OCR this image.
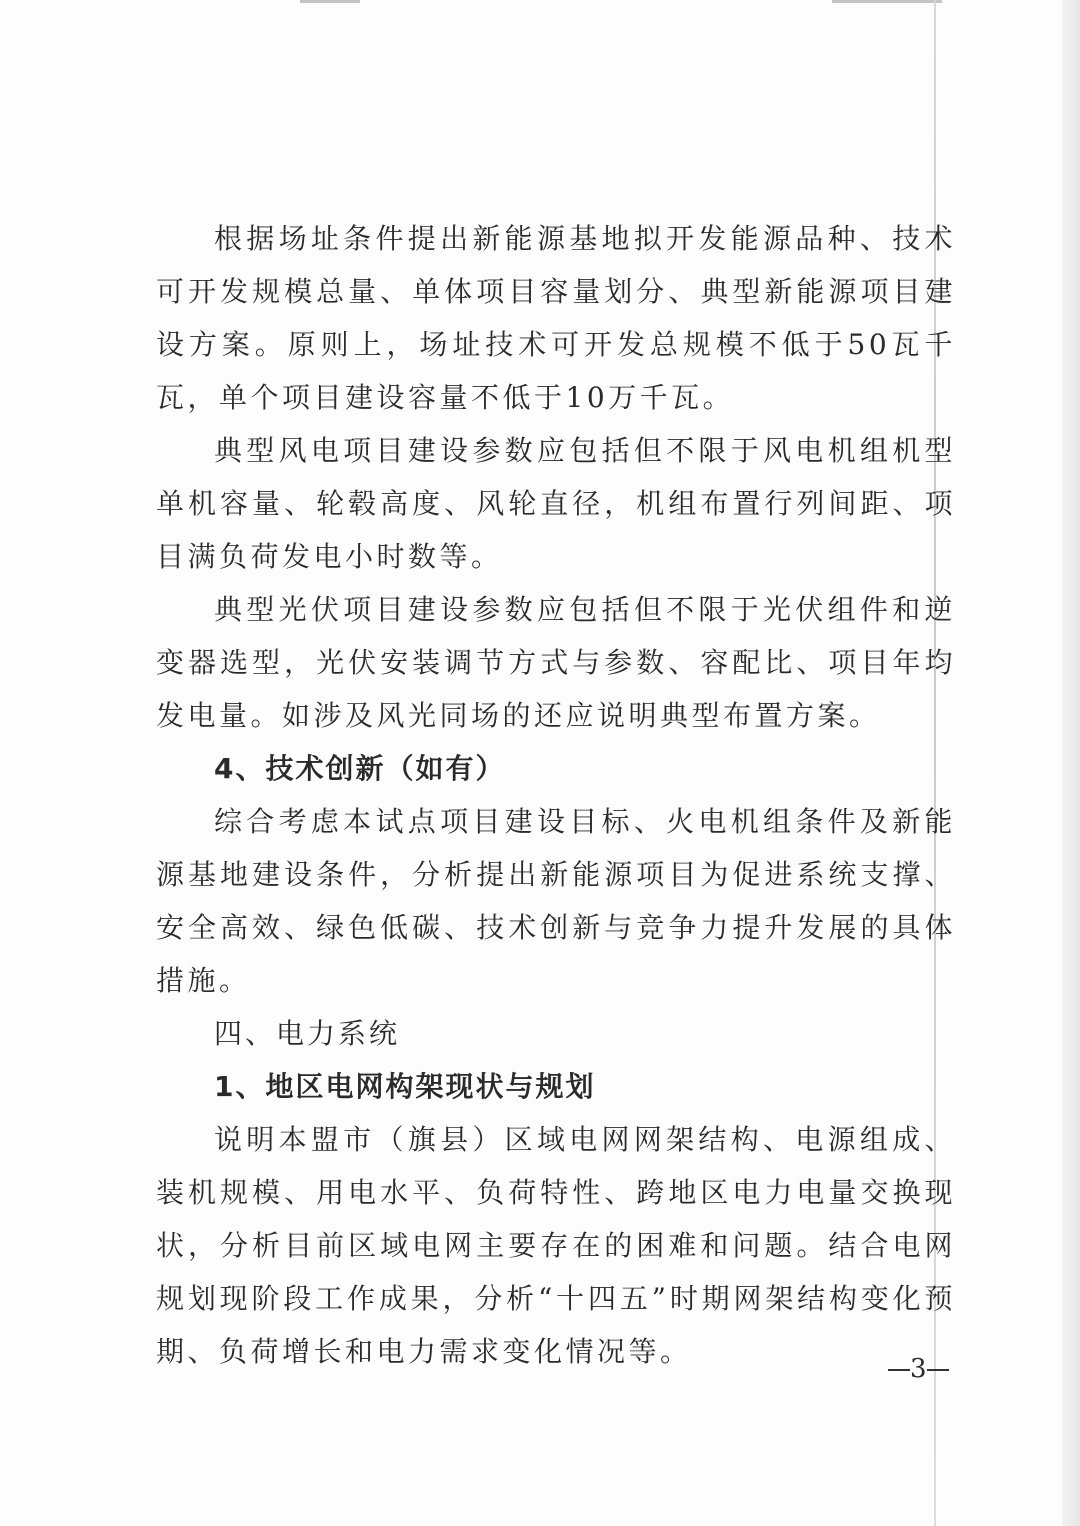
根据场址条件提出新能源基地拟开发能源品种、技术可开发规模总量、单体项目容量划分、典型新能源项目建设方案。原则上，场址技术可开发总规模不低于50瓦千瓦，单个项目建设容量不低于10万千瓦。

典型风电项目建设参数应包括但不限于风电机组机型单机容量、轮毂高度、风轮直径，机组布置行列间距、项目满负荷发电小时数等。

典型光伏项目建设参数应包括但不限于光伏组件和逆变器选型，光伏安装调节方式与参数、容配比、项目年均发电量。如涉及风光同场的还应说明典型布置方案。

4、技术创新（如有）

综合考虑本试点项目建设目标、火电机组条件及新能源基地建设条件，分析提出新能源项目为促进系统支撑、安全高效、绿色低碳、技术创新与竞争力提升发展的具体措施。

四、电力系统

1、地区电网构架现状与规划

说明本盟市（旗县）区域电网网架结构、电源组成、装机规模、用电水平、负荷特性、跨地区电力电量交换现状，分析目前区域电网主要存在的困难和问题。结合电网规划现阶段工作成果，分析“十四五”时期网架结构变化预期、负荷增长和电力需求变化情况等。

3
